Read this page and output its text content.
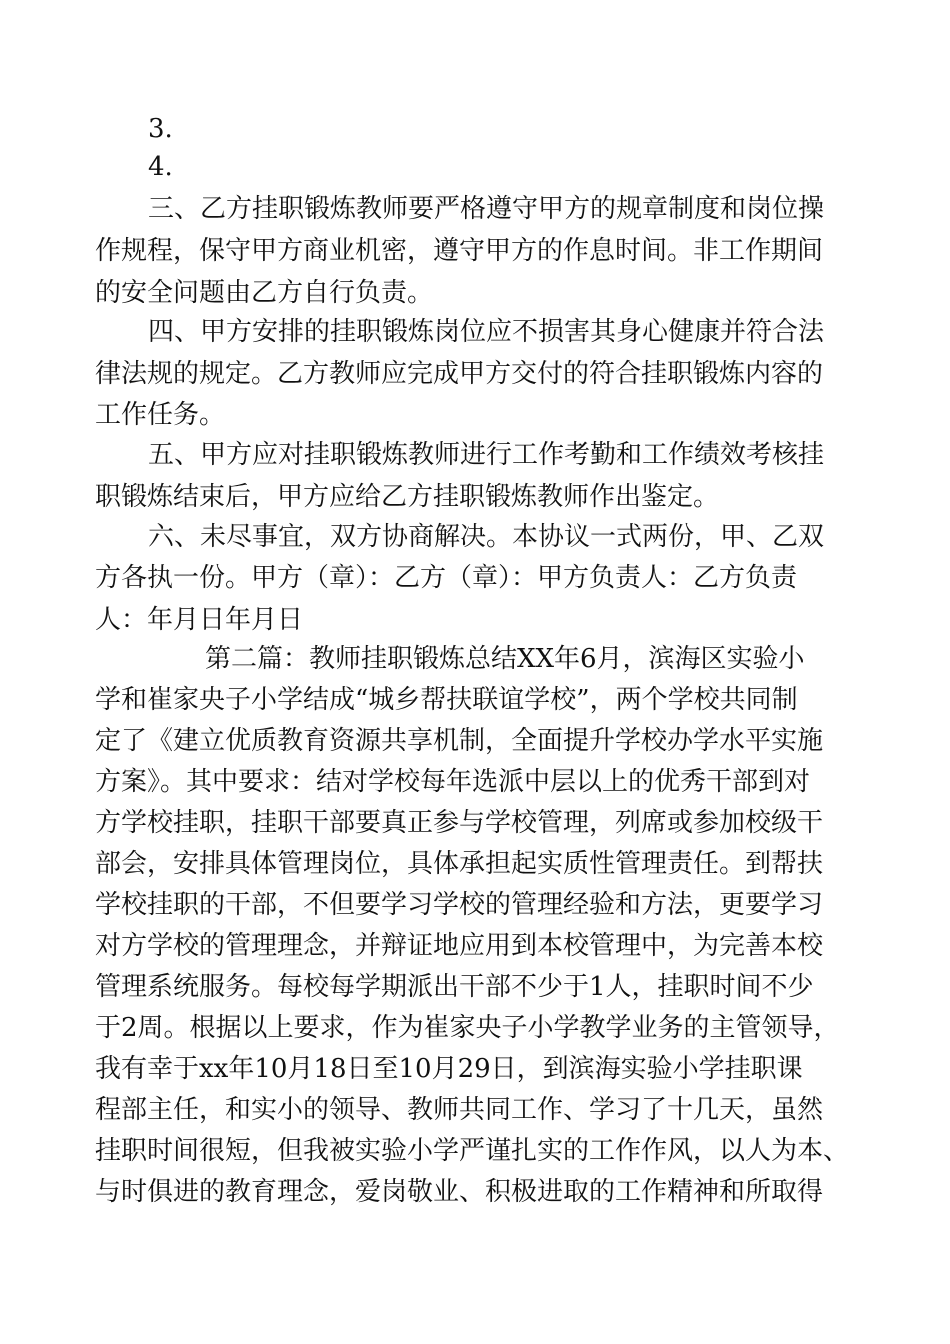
3.
4.
三、乙方挂职锻炼教师要严格遵守甲方的规章制度和岗位操
作规程，保守甲方商业机密，遵守甲方的作息时间。非工作期间
的安全问题由乙方自行负责。
四、甲方安排的挂职锻炼岗位应不损害其身心健康并符合法
律法规的规定。乙方教师应完成甲方交付的符合挂职锻炼内容的
工作任务。
五、甲方应对挂职锻炼教师进行工作考勤和工作绩效考核挂
职锻炼结束后，甲方应给乙方挂职锻炼教师作出鉴定。
六、未尽事宜，双方协商解决。本协议一式两份，甲、乙双
方各执一份。甲方（章）：乙方（章）：甲方负责人：乙方负责
人：年月日年月日
第二篇：教师挂职锻炼总结XX年6月，滨海区实验小
学和崔家央子小学结成“城乡帮扶联谊学校”，两个学校共同制
定了《建立优质教育资源共享机制，全面提升学校办学水平实施
方案》。其中要求：结对学校每年选派中层以上的优秀干部到对
方学校挂职，挂职干部要真正参与学校管理，列席或参加校级干
部会，安排具体管理岗位，具体承担起实质性管理责任。到帮扶
学校挂职的干部，不但要学习学校的管理经验和方法，更要学习
对方学校的管理理念，并辩证地应用到本校管理中，为完善本校
管理系统服务。每校每学期派出干部不少于1人，挂职时间不少
于2周。根据以上要求，作为崔家央子小学教学业务的主管领导，
我有幸于xx年10月18日至10月29日，到滨海实验小学挂职课
程部主任，和实小的领导、教师共同工作、学习了十几天，虽然
挂职时间很短，但我被实验小学严谨扎实的工作作风，以人为本、
与时俱进的教育理念，爱岗敬业、积极进取的工作精神和所取得
